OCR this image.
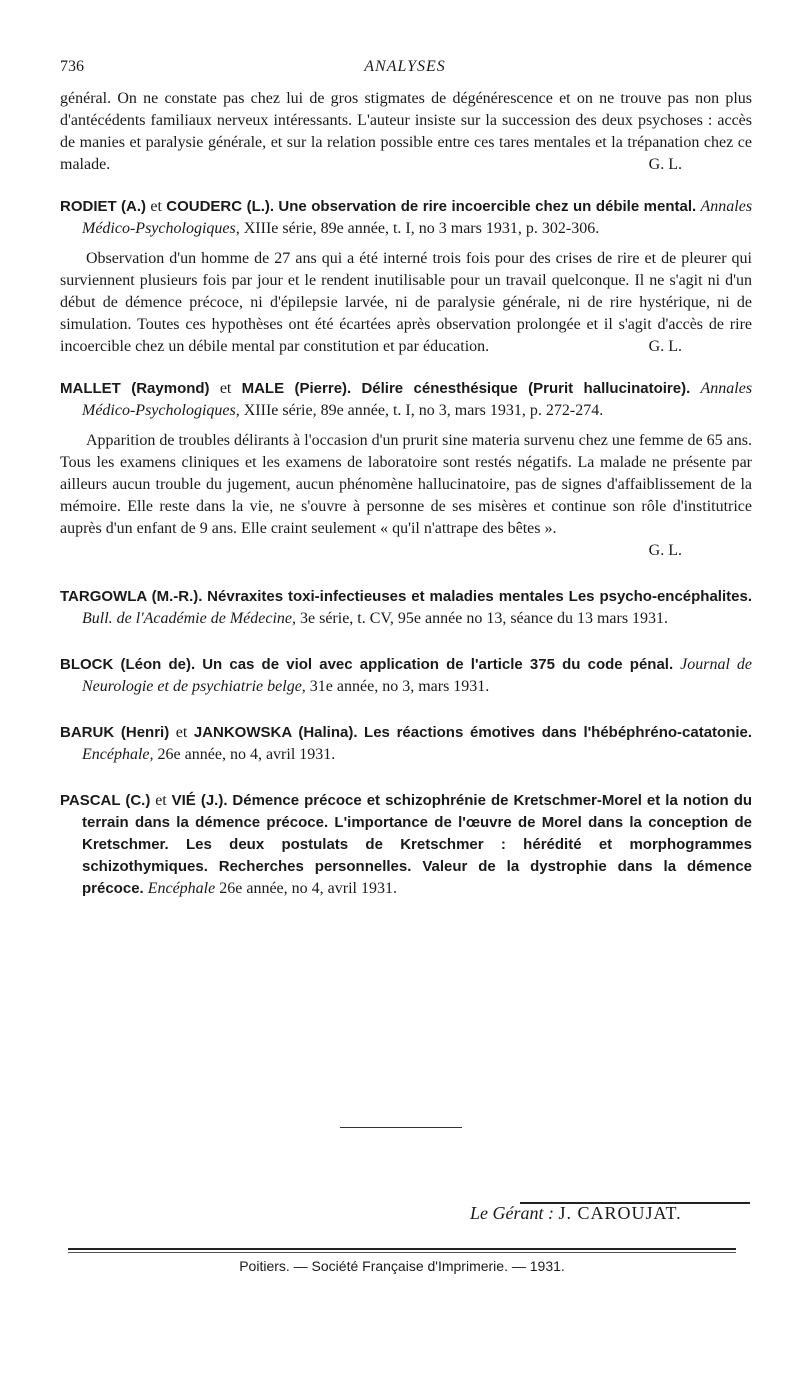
736	ANALYSES

général. On ne constate pas chez lui de gros stigmates de dégénérescence et on ne trouve pas non plus d'antécédents familiaux nerveux intéressants. L'auteur insiste sur la succession des deux psychoses : accès de manies et paralysie générale, et sur la relation possible entre ces tares mentales et la trépanation chez ce malade.	G. L.

RODIET (A.) et COUDERC (L.). Une observation de rire incoercible chez un débile mental. Annales Médico-Psychologiques, XIIIe série, 89e année, t. I, no 3 mars 1931, p. 302-306.

Observation d'un homme de 27 ans qui a été interné trois fois pour des crises de rire et de pleurer qui surviennent plusieurs fois par jour et le rendent inutilisable pour un travail quelconque. Il ne s'agit ni d'un début de démence précoce, ni d'épilepsie larvée, ni de paralysie générale, ni de rire hystérique, ni de simulation. Toutes ces hypothèses ont été écartées après observation prolongée et il s'agit d'accès de rire incoercible chez un débile mental par constitution et par éducation.	G. L.

MALLET (Raymond) et MALE (Pierre). Délire cénesthésique (Prurit hallucinatoire). Annales Médico-Psychologiques, XIIIe série, 89e année, t. I, no 3, mars 1931, p. 272-274.

Apparition de troubles délirants à l'occasion d'un prurit sine materia survenu chez une femme de 65 ans. Tous les examens cliniques et les examens de laboratoire sont restés négatifs. La malade ne présente par ailleurs aucun trouble du jugement, aucun phénomène hallucinatoire, pas de signes d'affaiblissement de la mémoire. Elle reste dans la vie, ne s'ouvre à personne de ses misères et continue son rôle d'institutrice auprès d'un enfant de 9 ans. Elle craint seulement « qu'il n'attrape des bêtes ».

G. L.

TARGOWLA (M.-R.). Névraxites toxi-infectieuses et maladies mentales Les psycho-encéphalites. Bull. de l'Académie de Médecine, 3e série, t. CV, 95e année no 13, séance du 13 mars 1931.

BLOCK (Léon de). Un cas de viol avec application de l'article 375 du code pénal. Journal de Neurologie et de psychiatrie belge, 31e année, no 3, mars 1931.

BARUK (Henri) et JANKOWSKA (Halina). Les réactions émotives dans l'hébéphréno-catatonie. Encéphale, 26e année, no 4, avril 1931.

PASCAL (C.) et VIÉ (J.). Démence précoce et schizophrénie de Kretschmer-Morel et la notion du terrain dans la démence précoce. L'importance de l'œuvre de Morel dans la conception de Kretschmer. Les deux postulats de Kretschmer : hérédité et morphogrammes schizothymiques. Recherches personnelles. Valeur de la dystrophie dans la démence précoce. Encéphale 26e année, no 4, avril 1931.

Le Gérant : J. CAROUJAT.
Poitiers. — Société Française d'Imprimerie. — 1931.
